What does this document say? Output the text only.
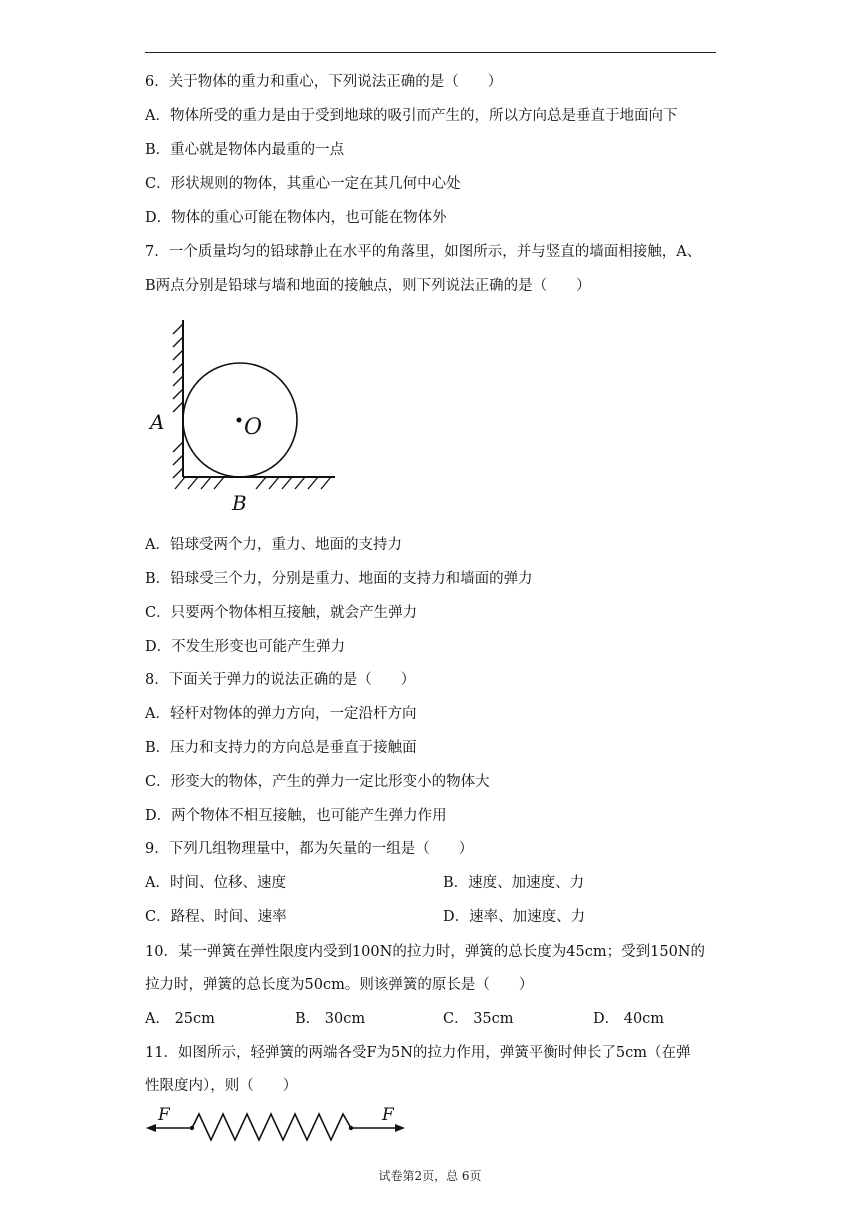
6．关于物体的重力和重心，下列说法正确的是（　　）
A．物体所受的重力是由于受到地球的吸引而产生的，所以方向总是垂直于地面向下
B．重心就是物体内最重的一点
C．形状规则的物体，其重心一定在其几何中心处
D．物体的重心可能在物体内，也可能在物体外
7．一个质量均匀的铅球静止在水平的角落里，如图所示，并与竖直的墙面相接触，A、
B两点分别是铅球与墙和地面的接触点，则下列说法正确的是（　　）
O
A
B
A．铅球受两个力，重力、地面的支持力
B．铅球受三个力，分别是重力、地面的支持力和墙面的弹力
C．只要两个物体相互接触，就会产生弹力
D．不发生形变也可能产生弹力
8．下面关于弹力的说法正确的是（　　）
A．轻杆对物体的弹力方向，一定沿杆方向
B．压力和支持力的方向总是垂直于接触面
C．形变大的物体，产生的弹力一定比形变小的物体大
D．两个物体不相互接触，也可能产生弹力作用
9．下列几组物理量中，都为矢量的一组是（　　）
A．时间、位移、速度	B．速度、加速度、力
C．路程、时间、速率	D．速率、加速度、力
10．某一弹簧在弹性限度内受到100N的拉力时，弹簧的总长度为45cm；受到150N的
拉力时，弹簧的总长度为50cm。则该弹簧的原长是（　　）
A． 25cm	B． 30cm	C． 35cm	D． 40cm
11．如图所示，轻弹簧的两端各受F为5N的拉力作用，弹簧平衡时伸长了5cm（在弹
性限度内），则（　　）
F	F
试卷第2页，总 6页
